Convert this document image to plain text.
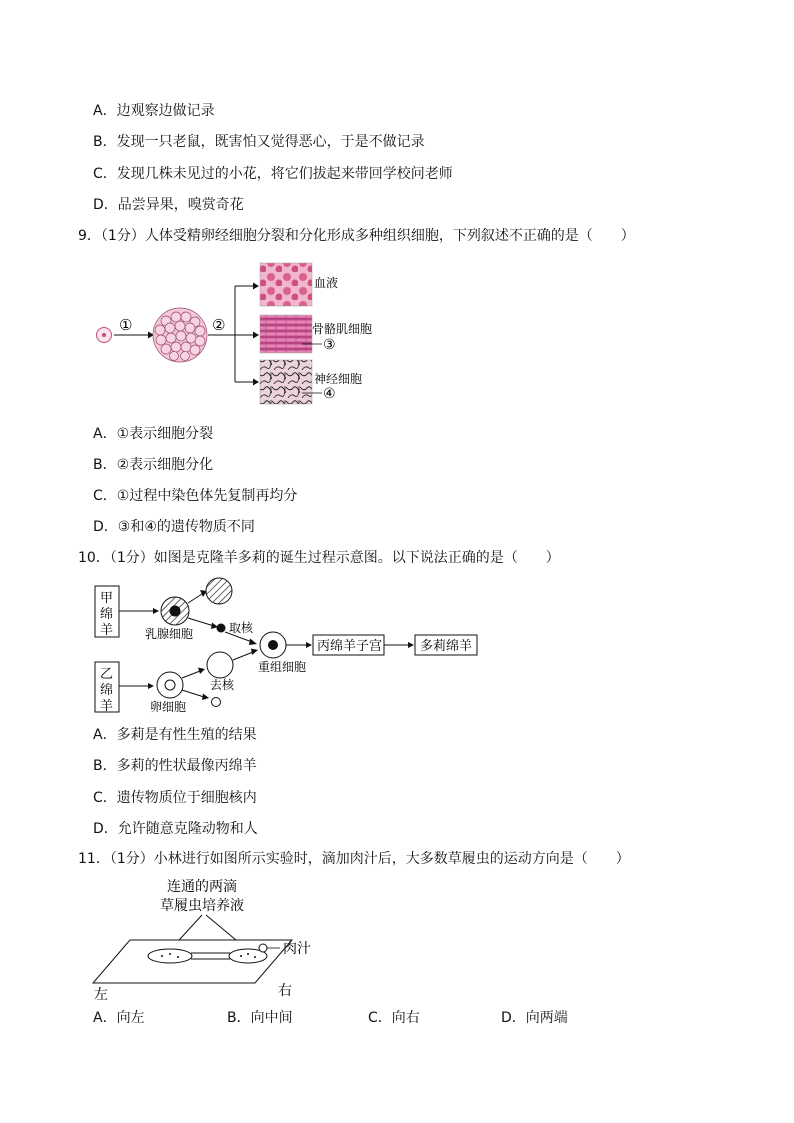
A．边观察边做记录
B．发现一只老鼠，既害怕又觉得恶心，于是不做记录
C．发现几株未见过的小花，将它们拔起来带回学校问老师
D．品尝异果，嗅赏奇花
9．（1分）人体受精卵经细胞分裂和分化形成多种组织细胞，下列叙述不正确的是（　　）
①	②
血液
骨骼肌细胞
③
神经细胞
④
A．①表示细胞分裂
B．②表示细胞分化
C．①过程中染色体先复制再均分
D．③和④的遗传物质不同
10．（1分）如图是克隆羊多莉的诞生过程示意图。以下说法正确的是（　　）
甲
绵
羊	乳腺细胞	取核
重组细胞
丙绵羊子宫	多莉绵羊
乙
绵
羊	卵细胞
去核
A．多莉是有性生殖的结果
B．多莉的性状最像丙绵羊
C．遗传物质位于细胞核内
D．允许随意克隆动物和人
11．（1分）小林进行如图所示实验时，滴加肉汁后，大多数草履虫的运动方向是（　　）
连通的两滴
草履虫培养液
肉汁
左	右
A．向左	B．向中间	C．向右	D．向两端
